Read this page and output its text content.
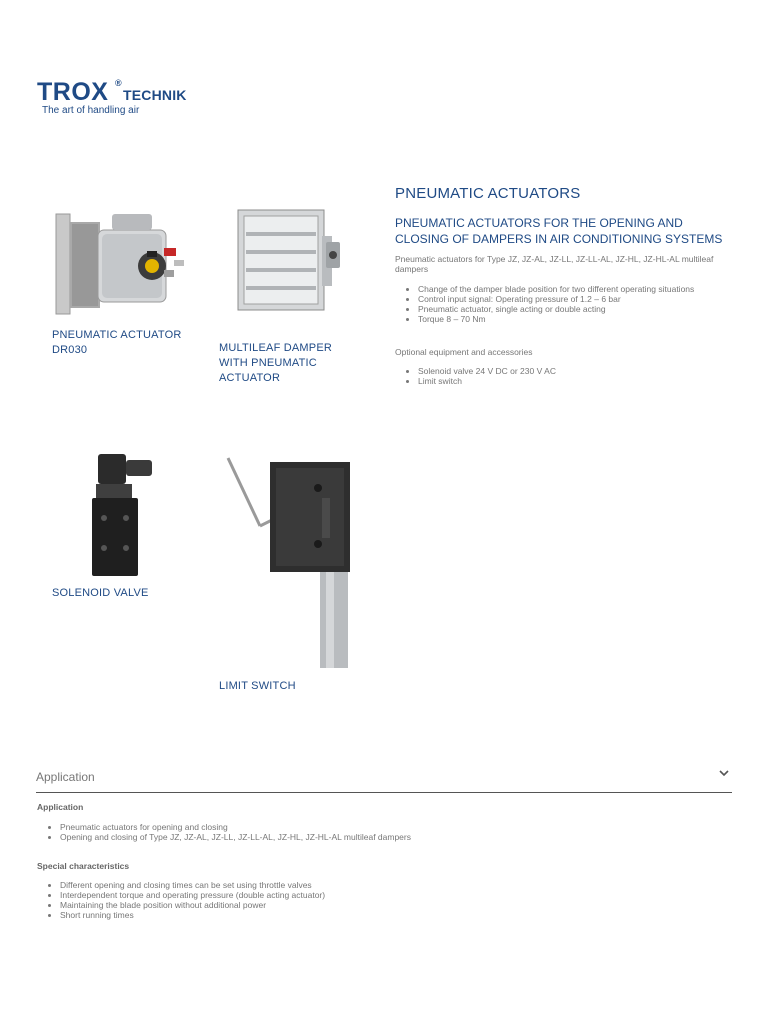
TROX ®
TECHNIK
The art of handling air
PNEUMATIC ACTUATOR
DR030	MULTILEAF DAMPER
WITH PNEUMATIC
ACTUATOR
SOLENOID VALVE
LIMIT SWITCH
PNEUMATIC ACTUATORS
PNEUMATIC ACTUATORS FOR THE OPENING AND CLOSING OF DAMPERS IN AIR CONDITIONING SYSTEMS
Pneumatic actuators for Type JZ, JZ-AL, JZ-LL, JZ-LL-AL, JZ-HL, JZ-HL-AL multileaf dampers
• Change of the damper blade position for two different operating situations
• Control input signal: Operating pressure of 1.2 – 6 bar
• Pneumatic actuator, single acting or double acting
• Torque 8 – 70 Nm
Optional equipment and accessories
• Solenoid valve 24 V DC or 230 V AC
• Limit switch
Application
Application
• Pneumatic actuators for opening and closing
• Opening and closing of Type JZ, JZ-AL, JZ-LL, JZ-LL-AL, JZ-HL, JZ-HL-AL multileaf dampers
Special characteristics
• Different opening and closing times can be set using throttle valves
• Interdependent torque and operating pressure (double acting actuator)
• Maintaining the blade position without additional power
• Short running times
